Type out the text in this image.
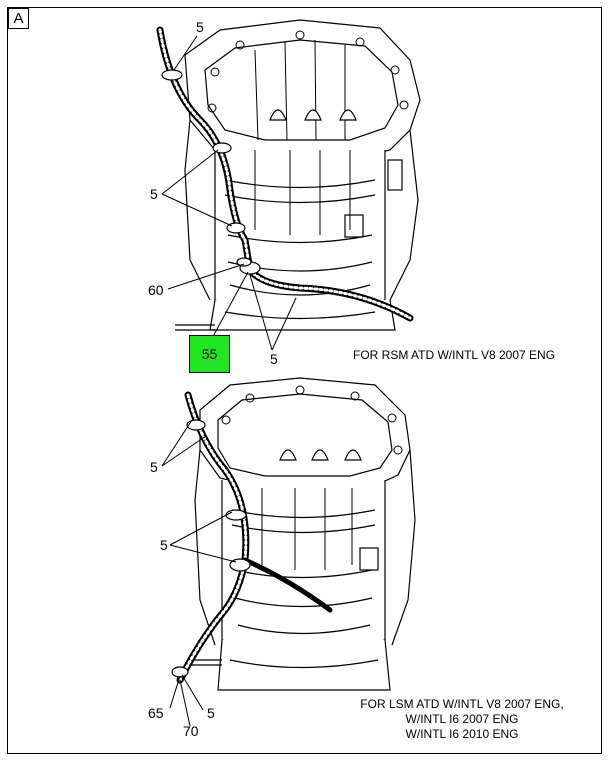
A	5
5
60
55	5	FOR RSM ATD W/INTL V8 2007 ENG
5
5
65	5
70
FOR LSM ATD W/INTL V8 2007 ENG,
W/INTL I6 2007 ENG
W/INTL I6 2010 ENG
